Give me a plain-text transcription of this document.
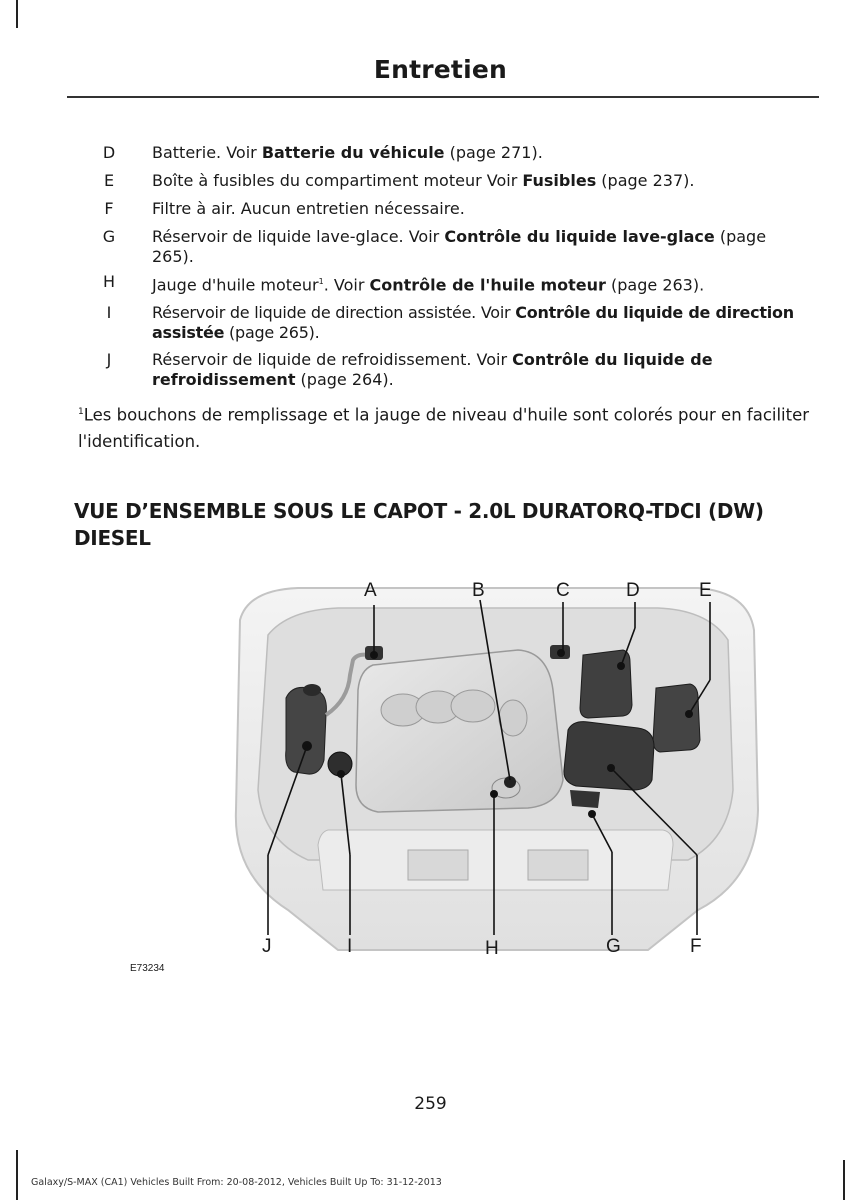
Entretien
D	Batterie. Voir Batterie du véhicule (page 271).
E	Boîte à fusibles du compartiment moteur Voir Fusibles (page 237).
F	Filtre à air. Aucun entretien nécessaire.
G	Réservoir de liquide lave-glace. Voir Contrôle du liquide lave-glace (page 265).
H	Jauge d'huile moteur$^1$. Voir Contrôle de l'huile moteur (page 263).
I	Réservoir de liquide de direction assistée. Voir Contrôle du liquide de direction assistée (page 265).
J	Réservoir de liquide de refroidissement. Voir Contrôle du liquide de refroidissement (page 264).
$^1$Les bouchons de remplissage et la jauge de niveau d'huile sont colorés pour en faciliter l'identification.
VUE D’ENSEMBLE SOUS LE CAPOT - 2.0L DURATORQ-TDCI (DW) DIESEL
A	B	C	D	E
J	I	H	G	F
E73234
259
Galaxy/S-MAX (CA1) Vehicles Built From: 20-08-2012, Vehicles Built Up To: 31-12-2013
